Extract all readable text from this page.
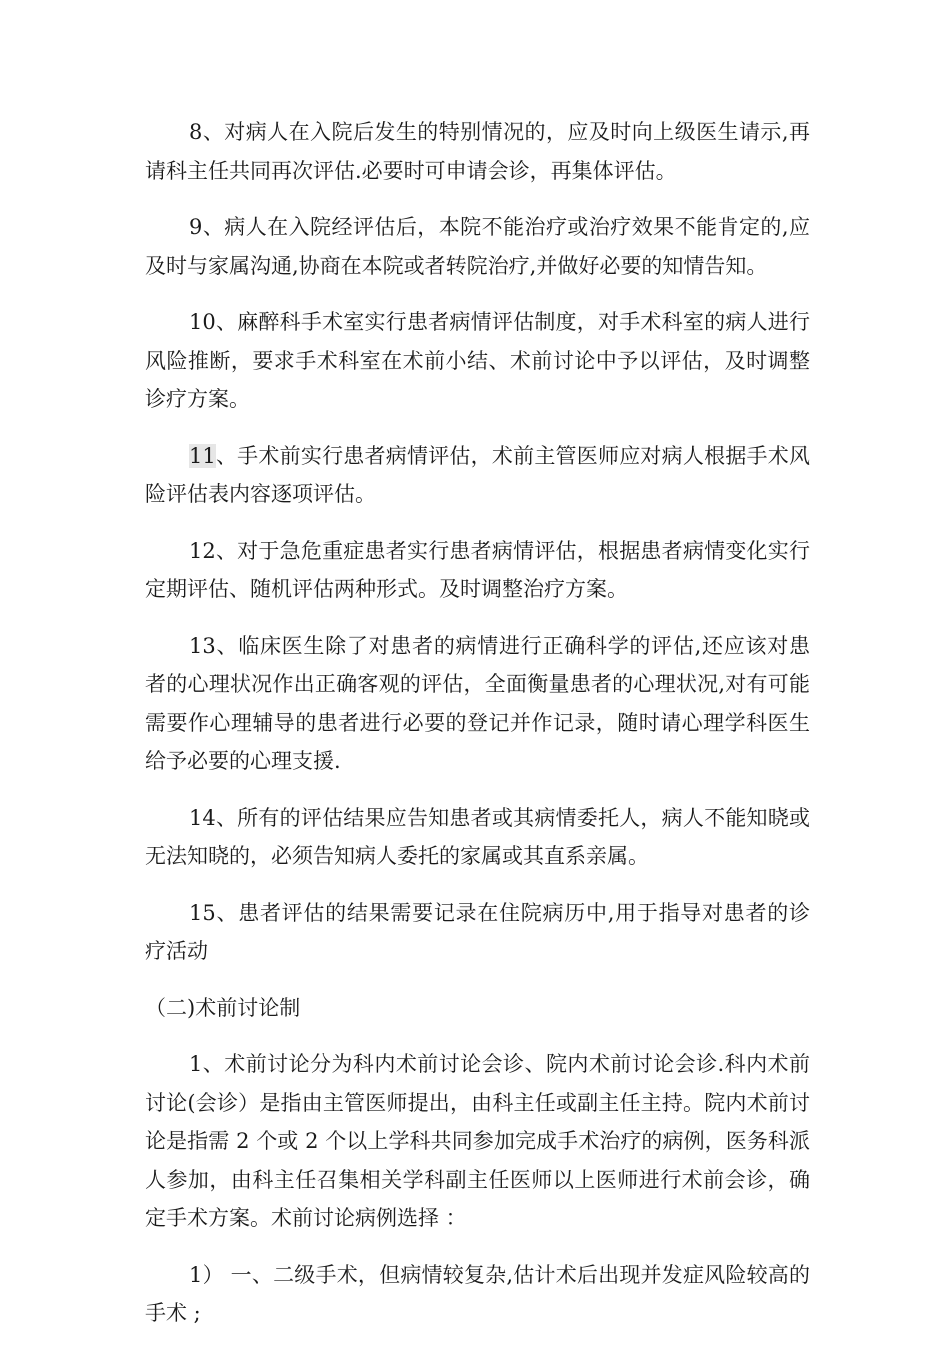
8、对病人在入院后发生的特别情况的，应及时向上级医生请示,再请科主任共同再次评估.必要时可申请会诊，再集体评估。

9、病人在入院经评估后，本院不能治疗或治疗效果不能肯定的,应及时与家属沟通,协商在本院或者转院治疗,并做好必要的知情告知。

10、麻醉科手术室实行患者病情评估制度，对手术科室的病人进行风险推断，要求手术科室在术前小结、术前讨论中予以评估，及时调整诊疗方案。

11、手术前实行患者病情评估，术前主管医师应对病人根据手术风险评估表内容逐项评估。

12、对于急危重症患者实行患者病情评估，根据患者病情变化实行定期评估、随机评估两种形式。及时调整治疗方案。

13、临床医生除了对患者的病情进行正确科学的评估,还应该对患者的心理状况作出正确客观的评估，全面衡量患者的心理状况,对有可能需要作心理辅导的患者进行必要的登记并作记录，随时请心理学科医生给予必要的心理支援.

14、所有的评估结果应告知患者或其病情委托人，病人不能知晓或无法知晓的，必须告知病人委托的家属或其直系亲属。

15、患者评估的结果需要记录在住院病历中,用于指导对患者的诊疗活动

（二)术前讨论制

1、术前讨论分为科内术前讨论会诊、院内术前讨论会诊.科内术前讨论(会诊）是指由主管医师提出，由科主任或副主任主持。院内术前讨论是指需 2 个或 2 个以上学科共同参加完成手术治疗的病例，医务科派人参加，由科主任召集相关学科副主任医师以上医师进行术前会诊，确定手术方案。术前讨论病例选择 ：

1） 一、二级手术，但病情较复杂,估计术后出现并发症风险较高的手术 ;
